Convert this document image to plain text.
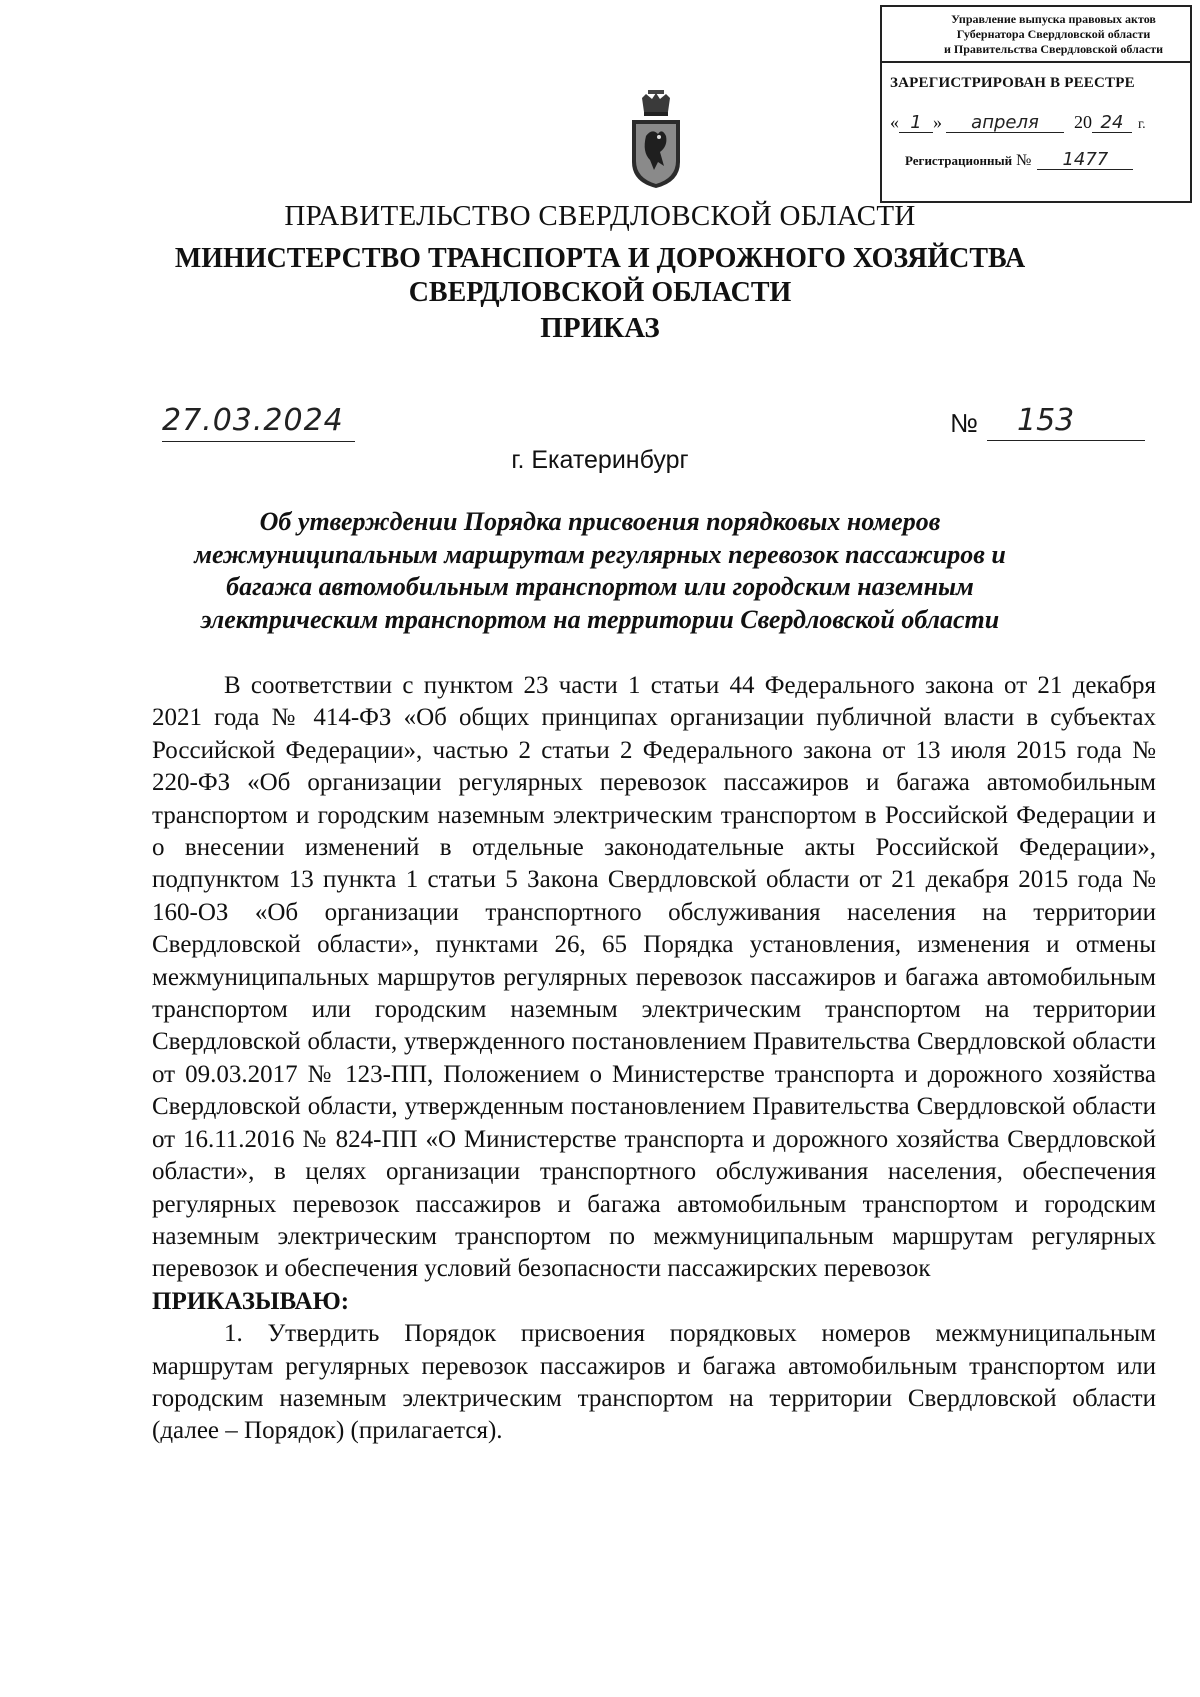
Управление выпуска правовых актов
Губернатора Свердловской области
и Правительства Свердловской области
ЗАРЕГИСТРИРОВАН В РЕЕСТРЕ
« 1 » апреля 20 24 г.
Регистрационный № 1477
ПРАВИТЕЛЬСТВО СВЕРДЛОВСКОЙ ОБЛАСТИ
МИНИСТЕРСТВО ТРАНСПОРТА И ДОРОЖНОГО ХОЗЯЙСТВА
СВЕРДЛОВСКОЙ ОБЛАСТИ
ПРИКАЗ
27.03.2024	№	153
г. Екатеринбург
Об утверждении Порядка присвоения порядковых номеров межмуниципальным маршрутам регулярных перевозок пассажиров и багажа автомобильным транспортом или городским наземным электрическим транспортом на территории Свердловской области

В соответствии с пунктом 23 части 1 статьи 44 Федерального закона от 21 декабря 2021 года № 414-ФЗ «Об общих принципах организации публичной власти в субъектах Российской Федерации», частью 2 статьи 2 Федерального закона от 13 июля 2015 года № 220-ФЗ «Об организации регулярных перевозок пассажиров и багажа автомобильным транспортом и городским наземным электрическим транспортом в Российской Федерации и о внесении изменений в отдельные законодательные акты Российской Федерации», подпунктом 13 пункта 1 статьи 5 Закона Свердловской области от 21 декабря 2015 года № 160-ОЗ «Об организации транспортного обслуживания населения на территории Свердловской области», пунктами 26, 65 Порядка установления, изменения и отмены межмуниципальных маршрутов регулярных перевозок пассажиров и багажа автомобильным транспортом или городским наземным электрическим транспортом на территории Свердловской области, утвержденного постановлением Правительства Свердловской области от 09.03.2017 № 123-ПП, Положением о Министерстве транспорта и дорожного хозяйства Свердловской области, утвержденным постановлением Правительства Свердловской области от 16.11.2016 № 824-ПП «О Министерстве транспорта и дорожного хозяйства Свердловской области», в целях организации транспортного обслуживания населения, обеспечения регулярных перевозок пассажиров и багажа автомобильным транспортом и городским наземным электрическим транспортом по межмуниципальным маршрутам регулярных перевозок и обеспечения условий безопасности пассажирских перевозок

ПРИКАЗЫВАЮ:

1. Утвердить Порядок присвоения порядковых номеров межмуниципальным маршрутам регулярных перевозок пассажиров и багажа автомобильным транспортом или городским наземным электрическим транспортом на территории Свердловской области (далее – Порядок) (прилагается).
